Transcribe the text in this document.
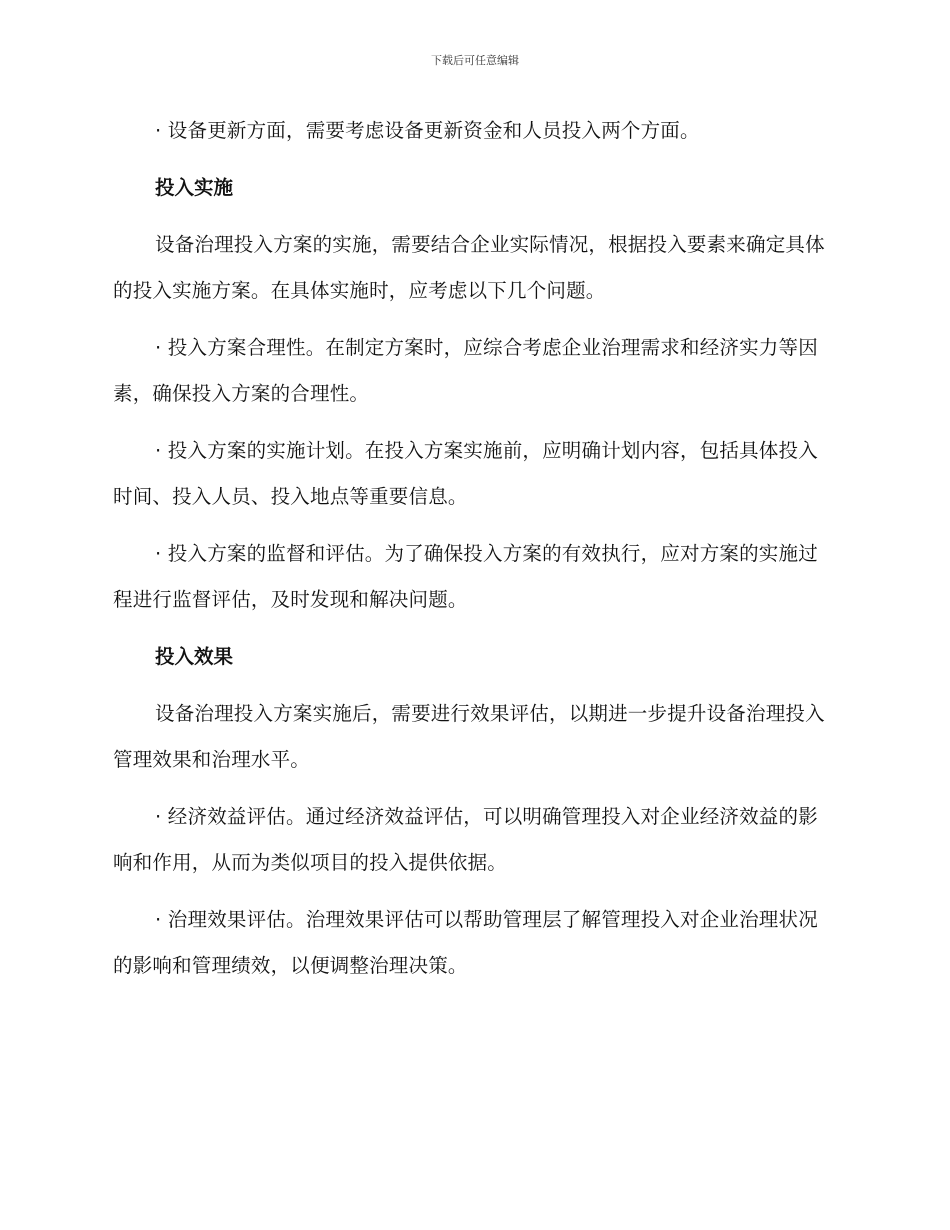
下载后可任意编辑

· 设备更新方面，需要考虑设备更新资金和人员投入两个方面。

投入实施

设备治理投入方案的实施，需要结合企业实际情况，根据投入要素来确定具体的投入实施方案。在具体实施时，应考虑以下几个问题。

· 投入方案合理性。在制定方案时，应综合考虑企业治理需求和经济实力等因素，确保投入方案的合理性。

· 投入方案的实施计划。在投入方案实施前，应明确计划内容，包括具体投入时间、投入人员、投入地点等重要信息。

· 投入方案的监督和评估。为了确保投入方案的有效执行，应对方案的实施过程进行监督评估，及时发现和解决问题。

投入效果

设备治理投入方案实施后，需要进行效果评估，以期进一步提升设备治理投入管理效果和治理水平。

· 经济效益评估。通过经济效益评估，可以明确管理投入对企业经济效益的影响和作用，从而为类似项目的投入提供依据。

· 治理效果评估。治理效果评估可以帮助管理层了解管理投入对企业治理状况的影响和管理绩效，以便调整治理决策。
